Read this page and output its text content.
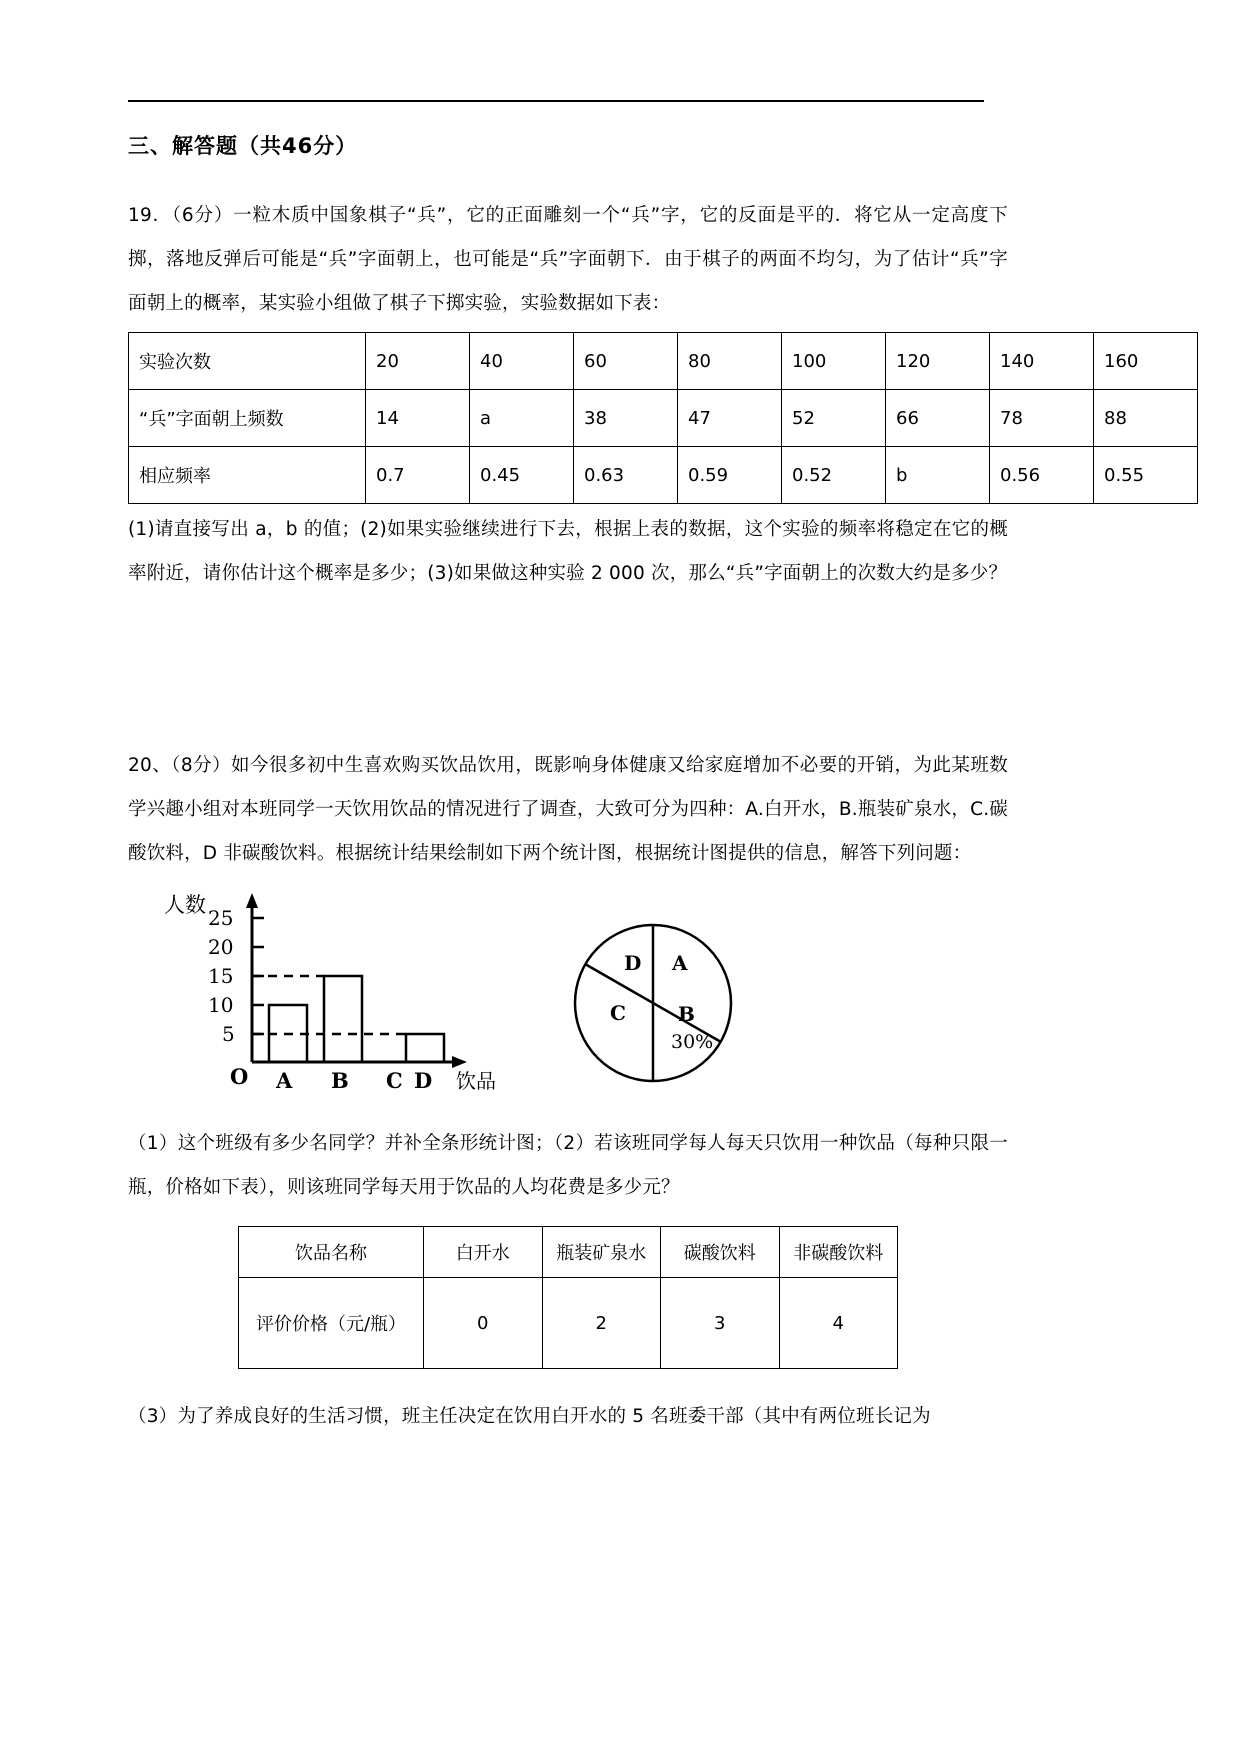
三、解答题（共46分）

19．（6分）一粒木质中国象棋子“兵”，它的正面雕刻一个“兵”字，它的反面是平的．将它从一定高度下掷，落地反弹后可能是“兵”字面朝上，也可能是“兵”字面朝下．由于棋子的两面不均匀，为了估计“兵”字面朝上的概率，某实验小组做了棋子下掷实验，实验数据如下表：

实验次数	20	40	60	80	100	120	140	160
“兵”字面朝上频数	14	a	38	47	52	66	78	88
相应频率	0.7	0.45	0.63	0.59	0.52	b	0.56	0.55

(1)请直接写出 a，b 的值；(2)如果实验继续进行下去，根据上表的数据，这个实验的频率将稳定在它的概率附近，请你估计这个概率是多少；(3)如果做这种实验 2 000 次，那么“兵”字面朝上的次数大约是多少？

20、（8分）如今很多初中生喜欢购买饮品饮用，既影响身体健康又给家庭增加不必要的开销，为此某班数学兴趣小组对本班同学一天饮用饮品的情况进行了调查，大致可分为四种：A.白开水，B.瓶装矿泉水，C.碳酸饮料，D 非碳酸饮料。根据统计结果绘制如下两个统计图，根据统计图提供的信息，解答下列问题：

人数
25
20
15
10
5
O A B C D 饮品
A
B
30%
C
D

（1）这个班级有多少名同学？并补全条形统计图；（2）若该班同学每人每天只饮用一种饮品（每种只限一瓶，价格如下表），则该班同学每天用于饮品的人均花费是多少元？

饮品名称	白开水	瓶装矿泉水	碳酸饮料	非碳酸饮料
评价价格（元/瓶）	0	2	3	4

（3）为了养成良好的生活习惯，班主任决定在饮用白开水的 5 名班委干部（其中有两位班长记为
